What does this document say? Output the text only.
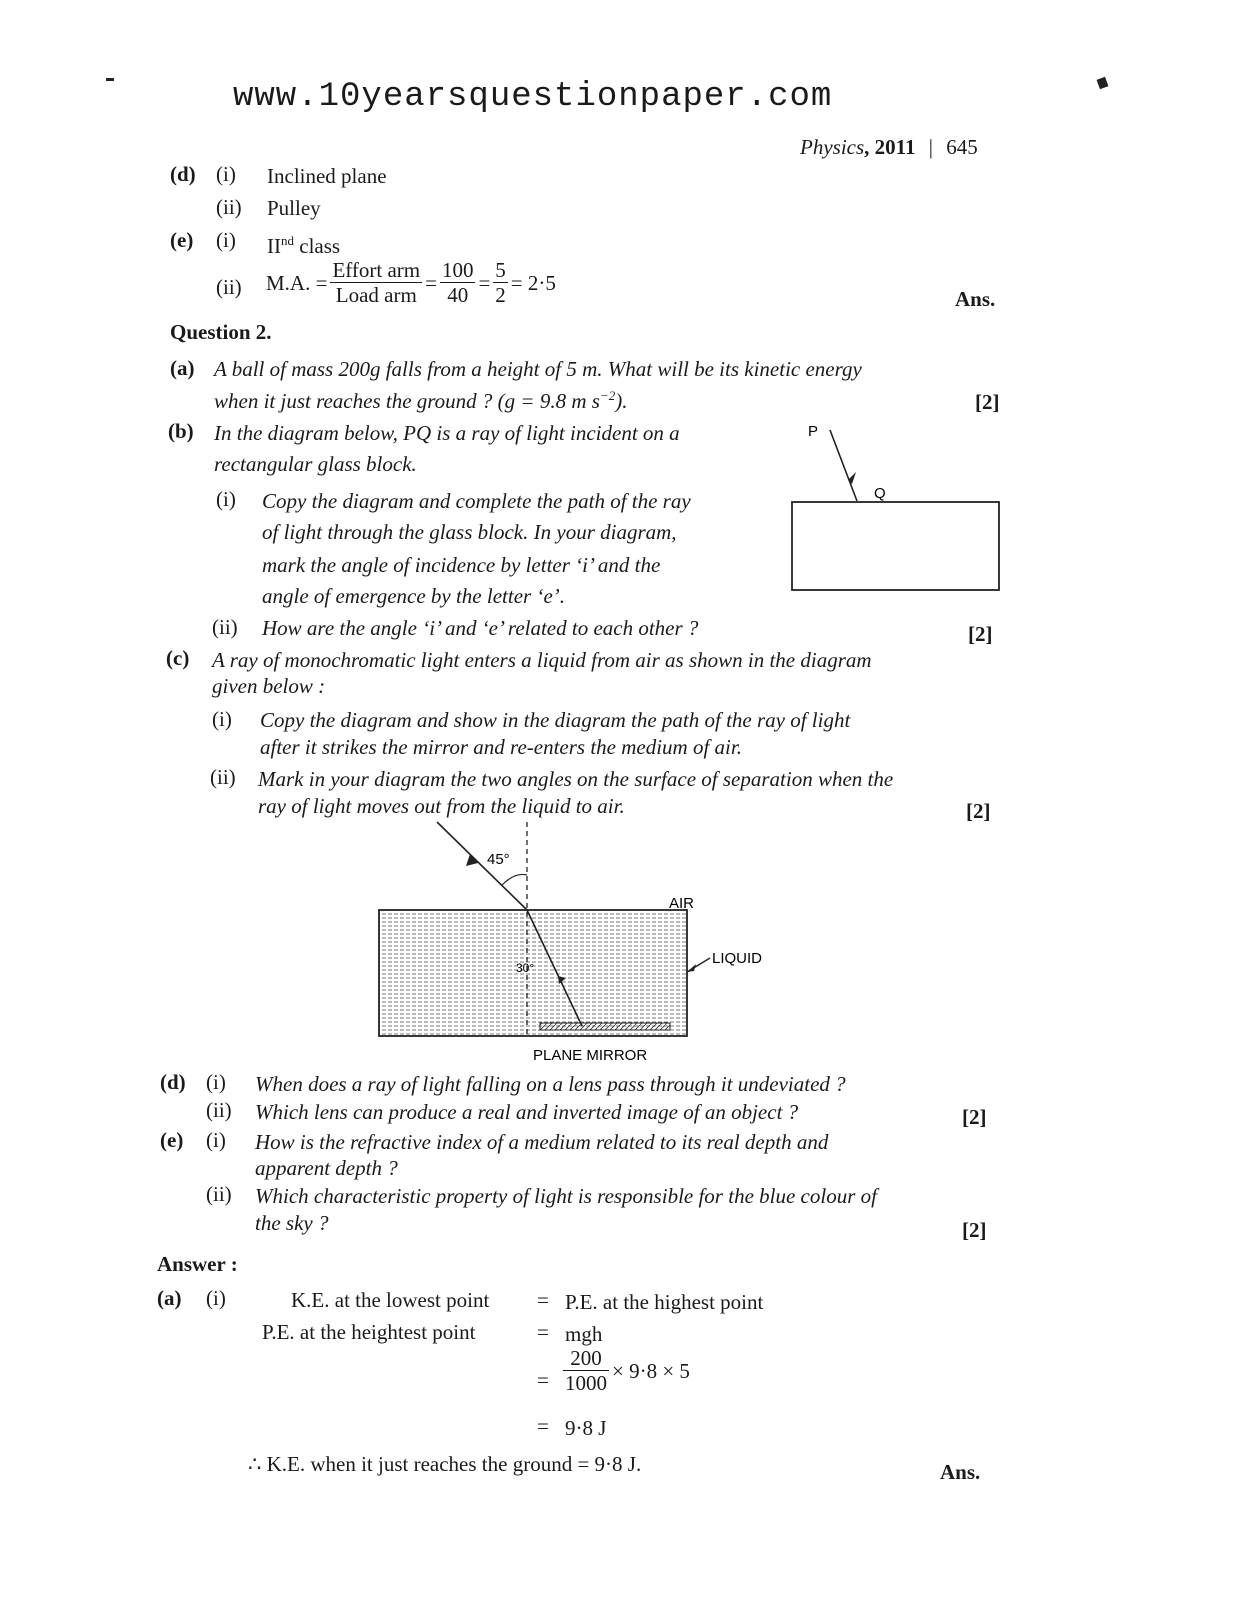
www.10yearsquestionpaper.com
Physics, 2011 | 645
(d) (i) Inclined plane
(ii) Pulley
(e) (i) IInd class
(ii) M.A. = $\frac{\text{Effort arm}}{\text{Load arm}} = \frac{100}{40} = \frac{5}{2} = 2\cdot 5$
Ans.
Question 2.
(a) A ball of mass 200g falls from a height of 5 m. What will be its kinetic energy
when it just reaches the ground ? (g = 9.8 m $s^{-2}$).	[2]
(b) In the diagram below, PQ is a ray of light incident on a
rectangular glass block.
(i) Copy the diagram and complete the path of the ray
of light through the glass block. In your diagram,
mark the angle of incidence by letter ‘i’ and the
angle of emergence by the letter ‘e’.
(ii) How are the angle ‘i’ and ‘e’ related to each other ?	[2]
P
Q
(c) A ray of monochromatic light enters a liquid from air as shown in the diagram
given below :
(i) Copy the diagram and show in the diagram the path of the ray of light
after it strikes the mirror and re-enters the medium of air.
(ii) Mark in your diagram the two angles on the surface of separation when the
ray of light moves out from the liquid to air.	[2]
45°
30°
AIR
LIQUID
PLANE MIRROR
(d) (i) When does a ray of light falling on a lens pass through it undeviated ?
(ii) Which lens can produce a real and inverted image of an object ?	[2]
(e) (i) How is the refractive index of a medium related to its real depth and
apparent depth ?
(ii) Which characteristic property of light is responsible for the blue colour of
the sky ?	[2]
Answer :
(a) (i)	K.E. at the lowest point = P.E. at the highest point
P.E. at the heightest point	= mgh
= $\frac{200}{1000} \times 9\cdot 8 \times 5$
= 9·8 J
∴ K.E. when it just reaches the ground = 9·8 J.	Ans.
